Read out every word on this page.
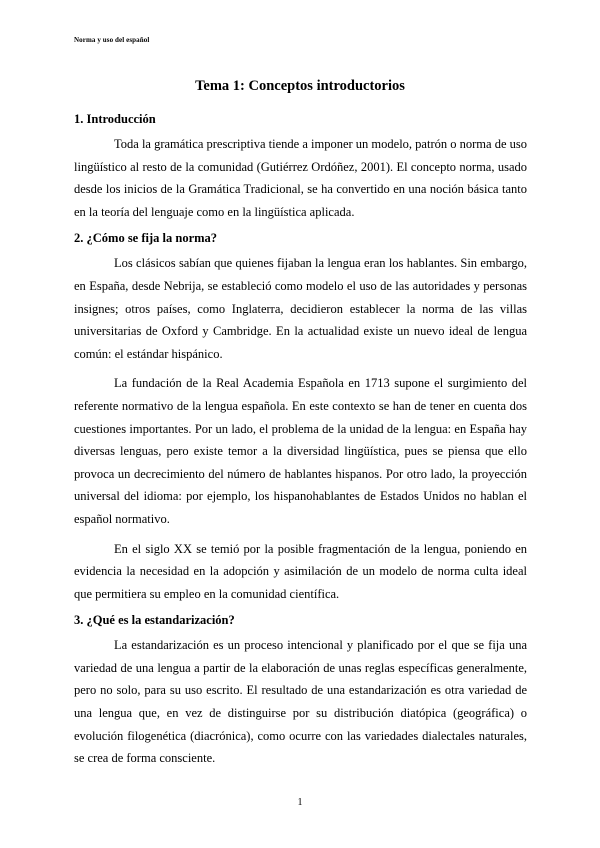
Norma y uso del español
Tema 1: Conceptos introductorios
1. Introducción

Toda la gramática prescriptiva tiende a imponer un modelo, patrón o norma de uso lingüístico al resto de la comunidad (Gutiérrez Ordóñez, 2001). El concepto norma, usado desde los inicios de la Gramática Tradicional, se ha convertido en una noción básica tanto en la teoría del lenguaje como en la lingüística aplicada.

2. ¿Cómo se fija la norma?

Los clásicos sabían que quienes fijaban la lengua eran los hablantes. Sin embargo, en España, desde Nebrija, se estableció como modelo el uso de las autoridades y personas insignes; otros países, como Inglaterra, decidieron establecer la norma de las villas universitarias de Oxford y Cambridge. En la actualidad existe un nuevo ideal de lengua común: el estándar hispánico.

La fundación de la Real Academia Española en 1713 supone el surgimiento del referente normativo de la lengua española. En este contexto se han de tener en cuenta dos cuestiones importantes. Por un lado, el problema de la unidad de la lengua: en España hay diversas lenguas, pero existe temor a la diversidad lingüística, pues se piensa que ello provoca un decrecimiento del número de hablantes hispanos. Por otro lado, la proyección universal del idioma: por ejemplo, los hispanohablantes de Estados Unidos no hablan el español normativo.

En el siglo XX se temió por la posible fragmentación de la lengua, poniendo en evidencia la necesidad en la adopción y asimilación de un modelo de norma culta ideal que permitiera su empleo en la comunidad científica.

3. ¿Qué es la estandarización?

La estandarización es un proceso intencional y planificado por el que se fija una variedad de una lengua a partir de la elaboración de unas reglas específicas generalmente, pero no solo, para su uso escrito. El resultado de una estandarización es otra variedad de una lengua que, en vez de distinguirse por su distribución diatópica (geográfica) o evolución filogenética (diacrónica), como ocurre con las variedades dialectales naturales, se crea de forma consciente.

1
